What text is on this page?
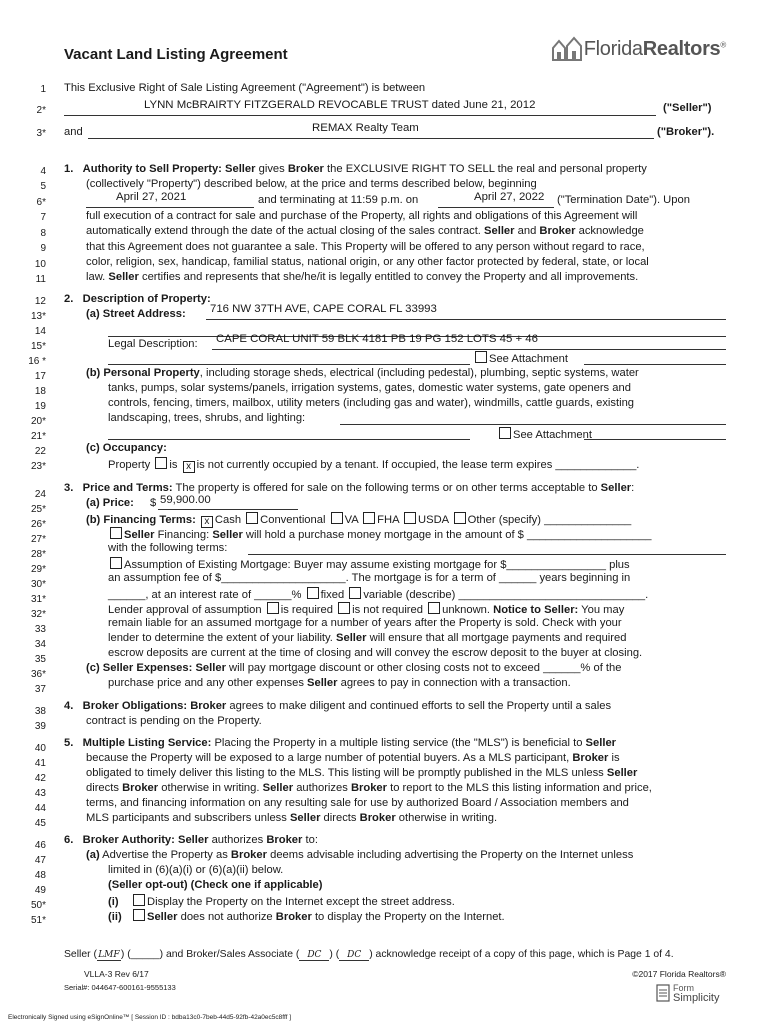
Vacant Land Listing Agreement	FloridaRealtors®
1 This Exclusive Right of Sale Listing Agreement ("Agreement") is between
2*	LYNN McBRAIRTY FITZGERALD REVOCABLE TRUST dated June 21, 2012	("Seller")
3* and	REMAX Realty Team	("Broker").
4 1. Authority to Sell Property: Seller gives Broker the EXCLUSIVE RIGHT TO SELL the real and personal property
5	(collectively "Property") described below, at the price and terms described below, beginning
6*	April 27, 2021	and terminating at 11:59 p.m. on	April 27, 2022 ("Termination Date"). Upon
7	full execution of a contract for sale and purchase of the Property, all rights and obligations of this Agreement will
8	automatically extend through the date of the actual closing of the sales contract. Seller and Broker acknowledge
9	that this Agreement does not guarantee a sale. This Property will be offered to any person without regard to race,
10	color, religion, sex, handicap, familial status, national origin, or any other factor protected by federal, state, or local
11	law. Seller certifies and represents that she/he/it is legally entitled to convey the Property and all improvements.
12 2. Description of Property:
13*	(a) Street Address: 716 NW 37TH AVE, CAPE CORAL FL 33993
14
15*	Legal Description: CAPE CORAL UNIT 59 BLK 4181 PB 19 PG 152 LOTS 45 + 46
16 *	See Attachment
17	(b) Personal Property, including storage sheds, electrical (including pedestal), plumbing, septic systems, water
18	tanks, pumps, solar systems/panels, irrigation systems, gates, domestic water systems, gate openers and
19	controls, fencing, timers, mailbox, utility meters (including gas and water), windmills, cattle guards, existing
20*	landscaping, trees, shrubs, and lighting:
21*	See Attachment
22	(c) Occupancy:
23*	Property is x is not currently occupied by a tenant. If occupied, the lease term expires _____________.
24
3. Price and Terms: The property is offered for sale on the following terms or on other terms acceptable to Seller:
25*
(a) Price: $ 59,900.00
26*	(b) Financing Terms: x Cash Conventional VA FHA USDA Other (specify) ______________
27*	Seller Financing: Seller will hold a purchase money mortgage in the amount of $ ____________________
28*
with the following terms:
29*	Assumption of Existing Mortgage: Buyer may assume existing mortgage for $________________ plus
30*
an assumption fee of $____________________. The mortgage is for a term of ______ years beginning in
31*	______, at an interest rate of ______% fixed variable (describe) ______________________________.
32*	Lender approval of assumption is required is not required unknown. Notice to Seller: You may
33
remain liable for an assumed mortgage for a number of years after the Property is sold. Check with your
34
lender to determine the extent of your liability. Seller will ensure that all mortgage payments and required
35
escrow deposits are current at the time of closing and will convey the escrow deposit to the buyer at closing.
36*
(c) Seller Expenses: Seller will pay mortgage discount or other closing costs not to exceed ______% of the
37
purchase price and any other expenses Seller agrees to pay in connection with a transaction.
38 4. Broker Obligations: Broker agrees to make diligent and continued efforts to sell the Property until a sales
39	contract is pending on the Property.
40 5. Multiple Listing Service: Placing the Property in a multiple listing service (the "MLS") is beneficial to Seller
41	because the Property will be exposed to a large number of potential buyers. As a MLS participant, Broker is
42	obligated to timely deliver this listing to the MLS. This listing will be promptly published in the MLS unless Seller
43	directs Broker otherwise in writing. Seller authorizes Broker to report to the MLS this listing information and price,
44	terms, and financing information on any resulting sale for use by authorized Board / Association members and
45	MLS participants and subscribers unless Seller directs Broker otherwise in writing.
46 6. Broker Authority: Seller authorizes Broker to:
47	(a) Advertise the Property as Broker deems advisable including advertising the Property on the Internet unless
48	limited in (6)(a)(i) or (6)(a)(ii) below.
49	(Seller opt-out) (Check one if applicable)
50*	(i)	Display the Property on the Internet except the street address.
51*	(ii) Seller does not authorize Broker to display the Property on the Internet.
Seller (LMF) (_____) and Broker/Sales Associate ( DC ) ( DC ) acknowledge receipt of a copy of this page, which is Page 1 of 4.
VLLA-3 Rev 6/17	©2017 Florida Realtors®
Serial#: 044647-600161-9555133	Form
Simplicity
Electronically Signed using eSignOnline™ [ Session ID : bdba13c0-7beb-44d5-92fb-42a0ec5c8fff ]
